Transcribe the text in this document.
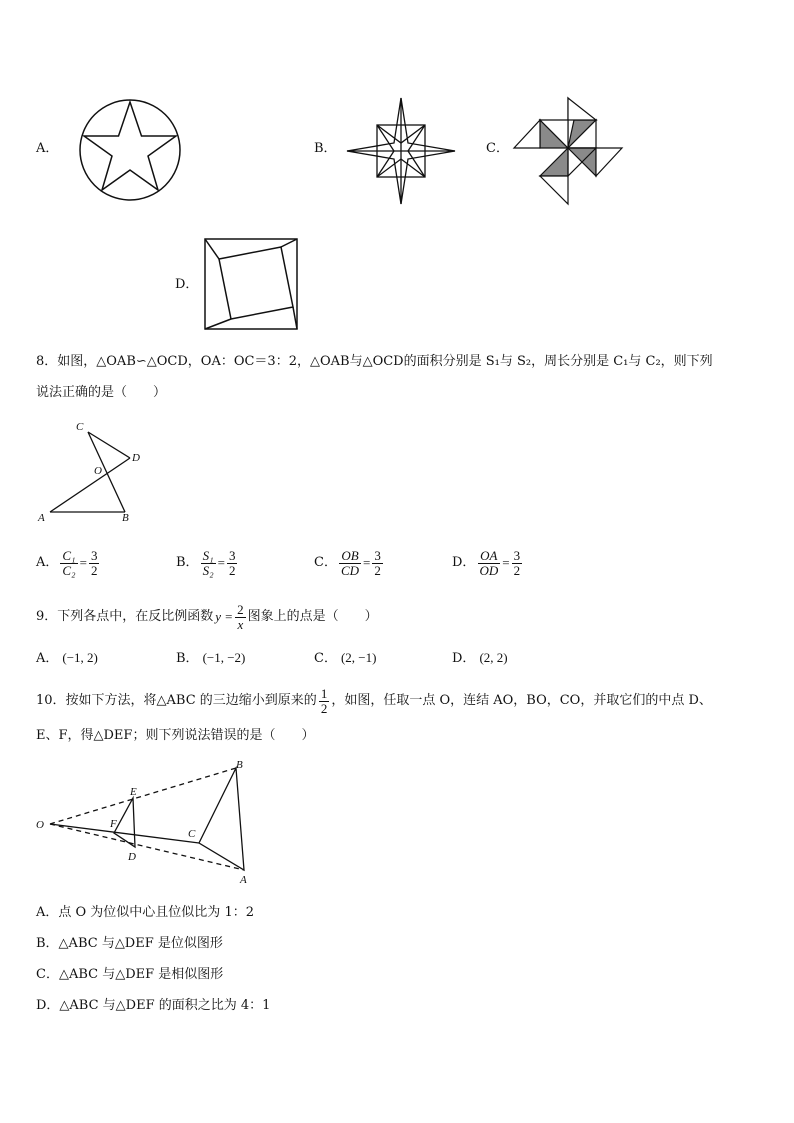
A．	B．	C．
D．
8．如图，△OAB∽△OCD，OA：OC＝3：2，△OAB与△OCD的面积分别是 S₁与 S₂，周长分别是 C₁与 C₂，则下列
说法正确的是（　　）
C
D
O
A	B
A． $\frac{\text{C₁}}{\text{C₂}} = \frac{3}{2}$	B． $\frac{\text{S₁}}{\text{S₂}} = \frac{3}{2}$	C． $\frac{OB}{CD} = \frac{3}{2}$	D． $\frac{OA}{OD} = \frac{3}{2}$
9．下列各点中，在反比例函数 $y = \frac{2}{x}$ 图象上的点是（　　）
A． (−1, 2)	B． (−1, −2)	C． (2, −1)	D． (2, 2)
10．按如下方法，将△ABC 的三边缩小到原来的 $\frac{1}{2}$ ，如图，任取一点 O，连结 AO，BO，CO，并取它们的中点 D、
E、F，得△DEF；则下列说法错误的是（　　）
B
E
O	F
C
D
A
A．点 O 为位似中心且位似比为 1：2
B．△ABC 与△DEF 是位似图形
C．△ABC 与△DEF 是相似图形
D．△ABC 与△DEF 的面积之比为 4：1
